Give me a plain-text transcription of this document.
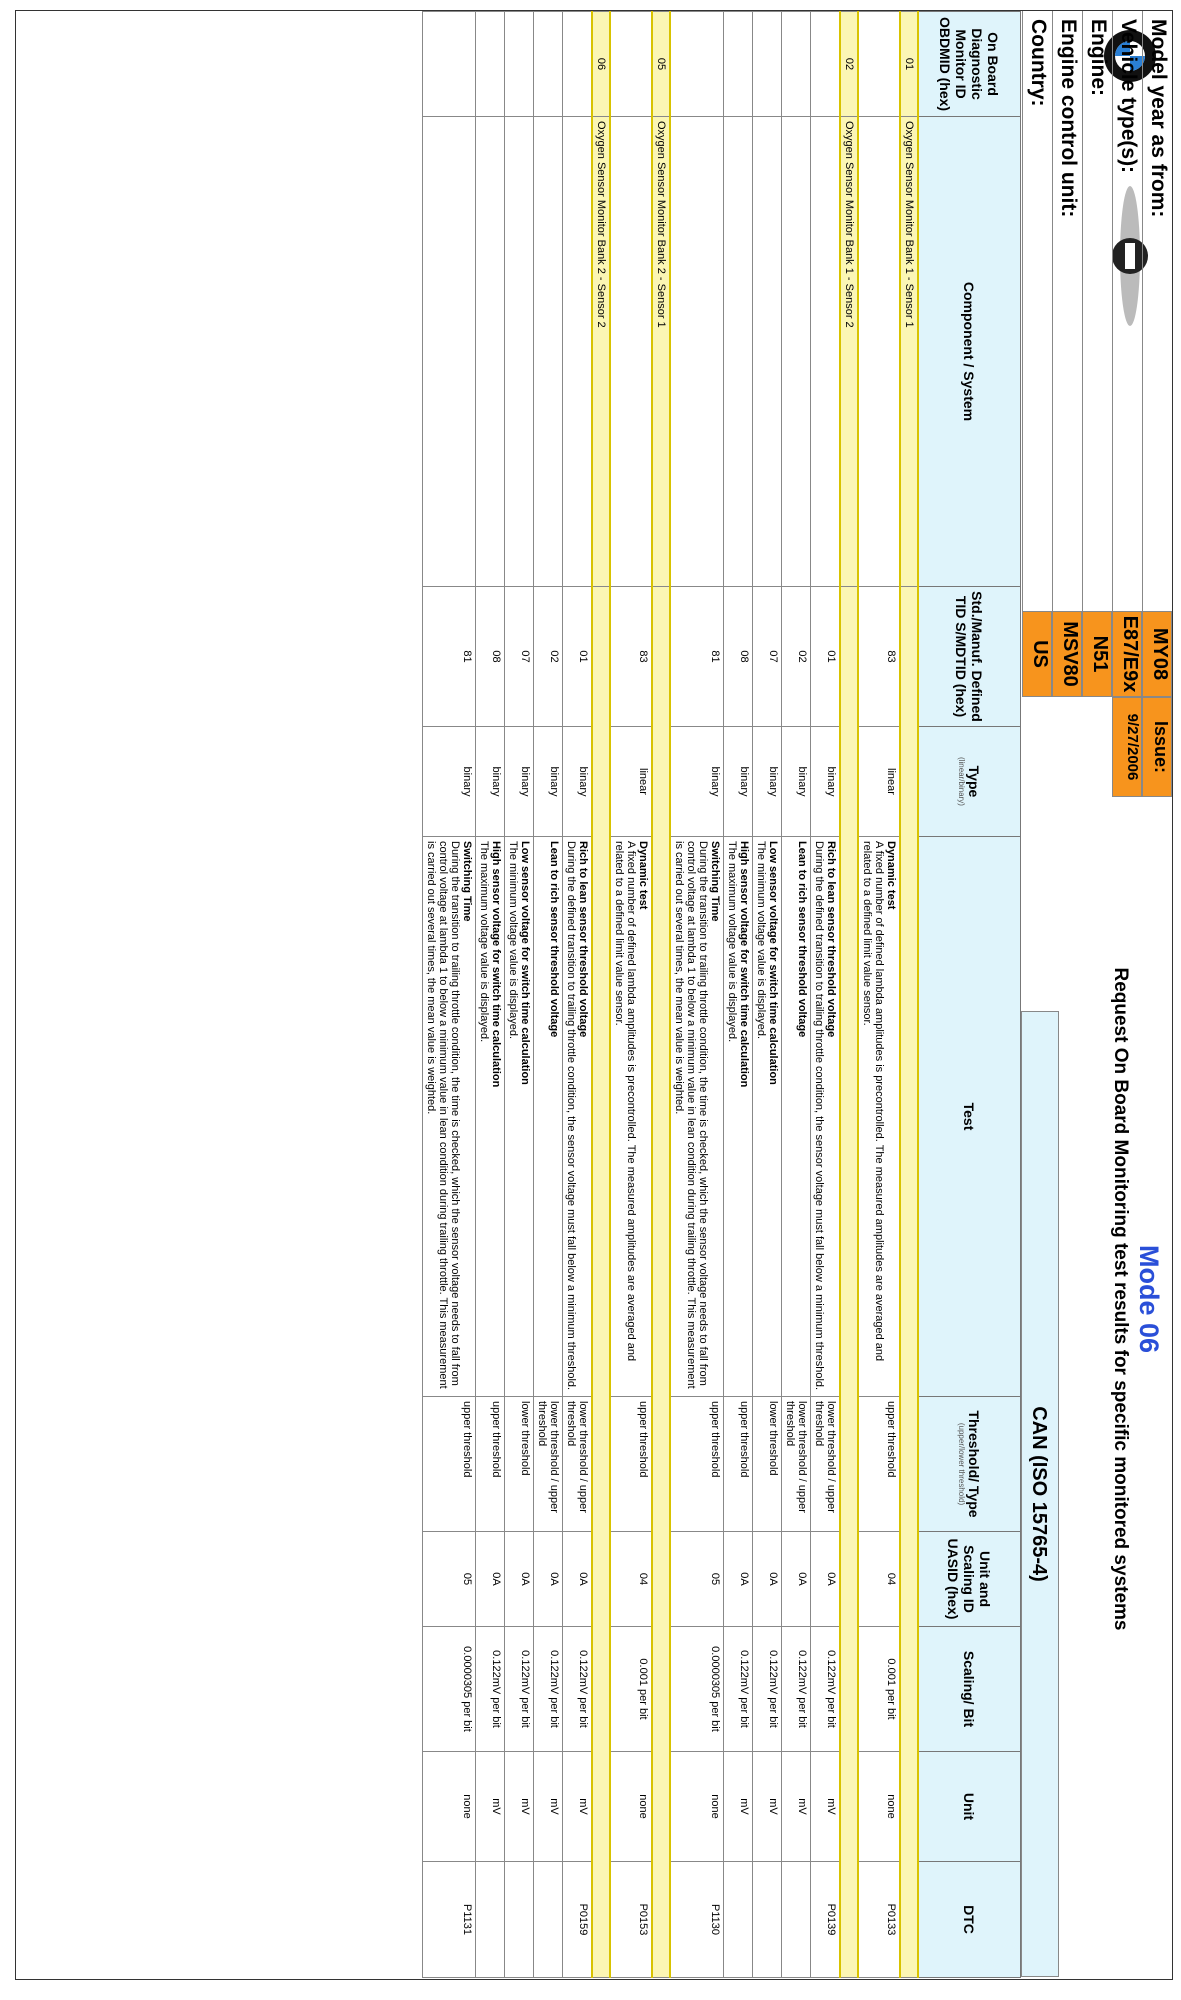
Model year as from:
Vehicle type(s):
Engine:
Engine control unit:
Country:
MY08
Issue:
E87/E9x
9/27/2006
N51
MSV80
US
Mode 06
Request On Board Monitoring test results for specific monitored systems
CAN (ISO 15765-4)
On Board Diagnostic Monitor ID OBDMID (hex)	Component / System	Std./Manuf. Defined TID S/MDTID (hex)	Type
(linear/binary)	Test	Threshold/ Type
(upper/lower threshold)	Unit and Scaling ID UASID (hex)	Scaling/ Bit	Unit	DTC
01	Oxygen Sensor Monitor Bank 1 - Sensor 1								
		83	linear	Dynamic test
A fixed number of defined lambda amplitudes is precontrolled. The measured amplitudes are averaged and related to a defined limit value sensor.	upper threshold	04	0.001 per bit	none	P0133
02	Oxygen Sensor Monitor Bank 1 - Sensor 2								
		01	binary	Rich to lean sensor threshold voltage
During the defined transition to trailing throttle condition, the sensor voltage must fall below a minimum threshold.	lower threshold / upper threshold	0A	0.122mV per bit	mV	P0139
		02	binary	Lean to rich sensor threshold voltage	lower threshold / upper threshold	0A	0.122mV per bit	mV	
		07	binary	Low sensor voltage for switch time calculation
The minimum voltage value is displayed.	lower threshold	0A	0.122mV per bit	mV	
		08	binary	High sensor voltage for switch time calculation
The maximum voltage value is displayed.	upper threshold	0A	0.122mV per bit	mV	
		81	binary	Switching Time
During the transition to trailing throttle condition, the time is checked, which the sensor voltage needs to fall from control voltage at lambda 1 to below a minimum value in lean condition during trailing throttle. This measurement is carried out several times, the mean value is weighted.	upper threshold	05	0.0000305 per bit	none	P1130
05	Oxygen Sensor Monitor Bank 2 - Sensor 1								
		83	linear	Dynamic test
A fixed number of defined lambda amplitudes is precontrolled. The measured amplitudes are averaged and related to a defined limit value sensor.	upper threshold	04	0.001 per bit	none	P0153
06	Oxygen Sensor Monitor Bank 2 - Sensor 2								
		01	binary	Rich to lean sensor threshold voltage
During the defined transition to trailing throttle condition, the sensor voltage must fall below a minimum threshold.	lower threshold / upper threshold	0A	0.122mV per bit	mV	P0159
		02	binary	Lean to rich sensor threshold voltage	lower threshold / upper threshold	0A	0.122mV per bit	mV	
		07	binary	Low sensor voltage for switch time calculation
The minimum voltage value is displayed.	lower threshold	0A	0.122mV per bit	mV	
		08	binary	High sensor voltage for switch time calculation
The maximum voltage value is displayed.	upper threshold	0A	0.122mV per bit	mV	
		81	binary	Switching Time
During the transition to trailing throttle condition, the time is checked, which the sensor voltage needs to fall from control voltage at lambda 1 to below a minimum value in lean condition during trailing throttle. This measurement is carried out several times, the mean value is weighted.	upper threshold	05	0.0000305 per bit	none	P1131
